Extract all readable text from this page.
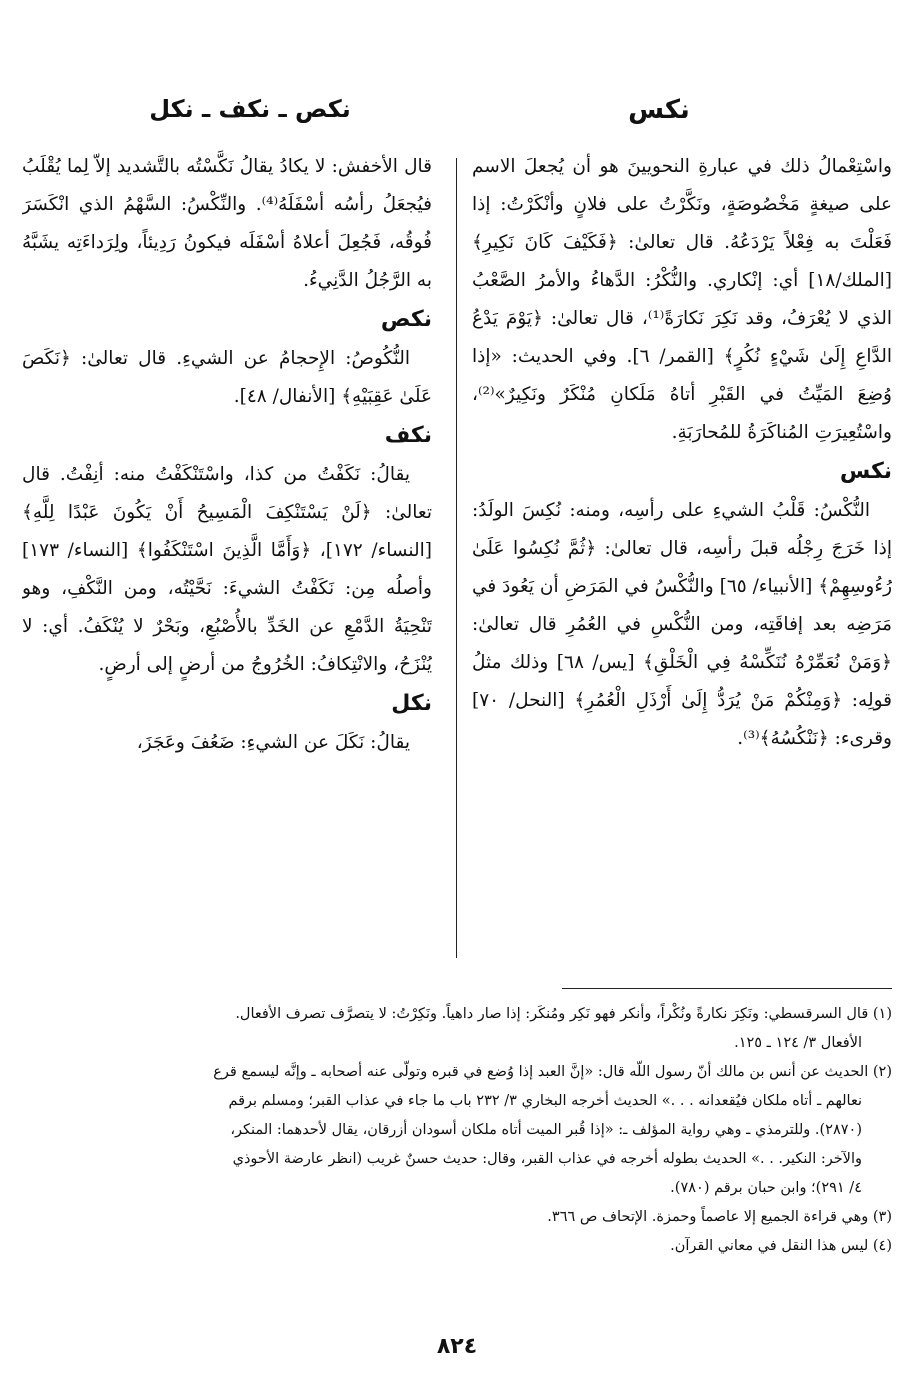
نكس
نكص ـ نكف ـ نكل

واسْتِعْمالُ ذلك في عبارةِ النحويينَ هو أن يُجعلَ الاسم على صيغةٍ مَخْصُوصَةٍ، ونَكَّرْتُ على فلانٍ وأنْكَرْتُ: إذا فَعَلْتَ به فِعْلاً يَرْدَعُهُ. قال تعالىٰ: ﴿فَكَيْفَ كَانَ نَكِيرِ﴾ [الملك/١٨] أي: إنْكاري. والنُّكْرُ: الدَّهاءُ والأمرُ الصَّعْبُ الذي لا يُعْرَفُ، وقد نَكِرَ نَكارَةً⁽¹⁾، قال تعالىٰ: ﴿يَوْمَ يَدْعُ الدَّاعِ إِلَىٰ شَيْءٍ نُكُرٍ﴾ [القمر/ ٦]. وفي الحديث: «إذا وُضِعَ المَيِّتُ في القَبْرِ أتاهُ مَلَكانِ مُنْكَرٌ ونَكِيرٌ»⁽²⁾، واسْتُعِيرَتِ المُناكَرَةُ للمُحارَبَةِ.

نكس

النُّكْسُ: قَلْبُ الشيءِ على رأسِه، ومنه: نُكِسَ الولَدُ: إذا خَرَجَ رِجْلُه قبلَ رأسِه، قال تعالىٰ: ﴿ثُمَّ نُكِسُوا عَلَىٰ رُءُوسِهِمْ﴾ [الأنبياء/ ٦٥] والنُّكْسُ في المَرَضِ أن يَعُودَ في مَرَضِه بعد إفاقَتِه، ومن النُّكْسِ في العُمُرِ قال تعالىٰ: ﴿وَمَنْ نُعَمِّرْهُ نُنَكِّسْهُ فِي الْخَلْقِ﴾ [يس/ ٦٨] وذلك مثلُ قولِه: ﴿وَمِنْكُمْ مَنْ يُرَدُّ إِلَىٰ أَرْذَلِ الْعُمُرِ﴾ [النحل/ ٧٠] وقرىء: ﴿نَنْكُسُهُ﴾⁽³⁾.

قال الأخفش: لا يكادُ يقالُ نَكَّسْتُه بالتَّشديد إلاّ لِما يُقْلَبُ فيُجعَلُ رأسُه أسْفَلَهُ⁽⁴⁾. والنِّكْسُ: السَّهْمُ الذي انْكَسَرَ فُوقُه، فَجُعِلَ أعلاهُ أسْفَلَه فيكونُ رَدِيئاً، ولِرَداءَتِه يشَبَّهُ به الرَّجُلُ الدَّنِيءُ.

نكص

النُّكُوصُ: الإِحجامُ عن الشيءِ. قال تعالىٰ: ﴿نَكَصَ عَلَىٰ عَقِبَيْهِ﴾ [الأنفال/ ٤٨].

نكف

يقالُ: نَكَفْتُ من كذا، واسْتَنْكَفْتُ منه: أنِفْتُ. قال تعالىٰ: ﴿لَنْ يَسْتَنْكِفَ الْمَسِيحُ أَنْ يَكُونَ عَبْدًا لِلَّهِ﴾ [النساء/ ١٧٢]، ﴿وَأَمَّا الَّذِينَ اسْتَنْكَفُوا﴾ [النساء/ ١٧٣] وأصلُه مِن: نَكَفْتُ الشيءَ: نَحَّيْتُه، ومن النَّكْفِ، وهو تَنْحِيَةُ الدَّمْعِ عن الخَدِّ بالأُصْبُعِ، وبَحْرٌ لا يُنْكَفُ. أي: لا يُنْزَحُ، والانْتِكافُ: الخُرُوجُ من أرضٍ إلى أرضٍ.

نكل

يقالُ: نَكَلَ عن الشيءِ: ضَعُفَ وعَجَزَ،

(١) قال السرقسطي: ونَكِرَ نكارةً ونُكْراً، وأنكر فهو نَكِر ومُنكَر: إذا صار داهياً. ونَكِرْتُ: لا يتصرَّف تصرف الأفعال.

الأفعال ٣/ ١٢٤ ـ ١٢٥.

(٢) الحديث عن أنس بن مالك أنّ رسول اللّه قال: «إنَّ العبد إذا وُضع في قبره وتولّى عنه أصحابه ـ وإنَّه ليسمع قرع

نعالهم ـ أتاه ملكان فيُقعدانه . . .» الحديث أخرجه البخاري ٣/ ٢٣٢ باب ما جاء في عذاب القبر؛ ومسلم برقم

(٢٨٧٠). وللترمذي ـ وهي رواية المؤلف ـ: «إذا قُبر الميت أتاه ملكان أسودان أزرقان، يقال لأحدهما: المنكر،

والآخر: النكير. . .» الحديث بطوله أخرجه في عذاب القبر، وقال: حديث حسنٌ غريب (انظر عارضة الأحوذي

٤/ ٢٩١)؛ وابن حبان برقم (٧٨٠).

(٣) وهي قراءة الجميع إلا عاصماً وحمزة. الإتحاف ص ٣٦٦.

(٤) ليس هذا النقل في معاني القرآن.

٨٢٤
